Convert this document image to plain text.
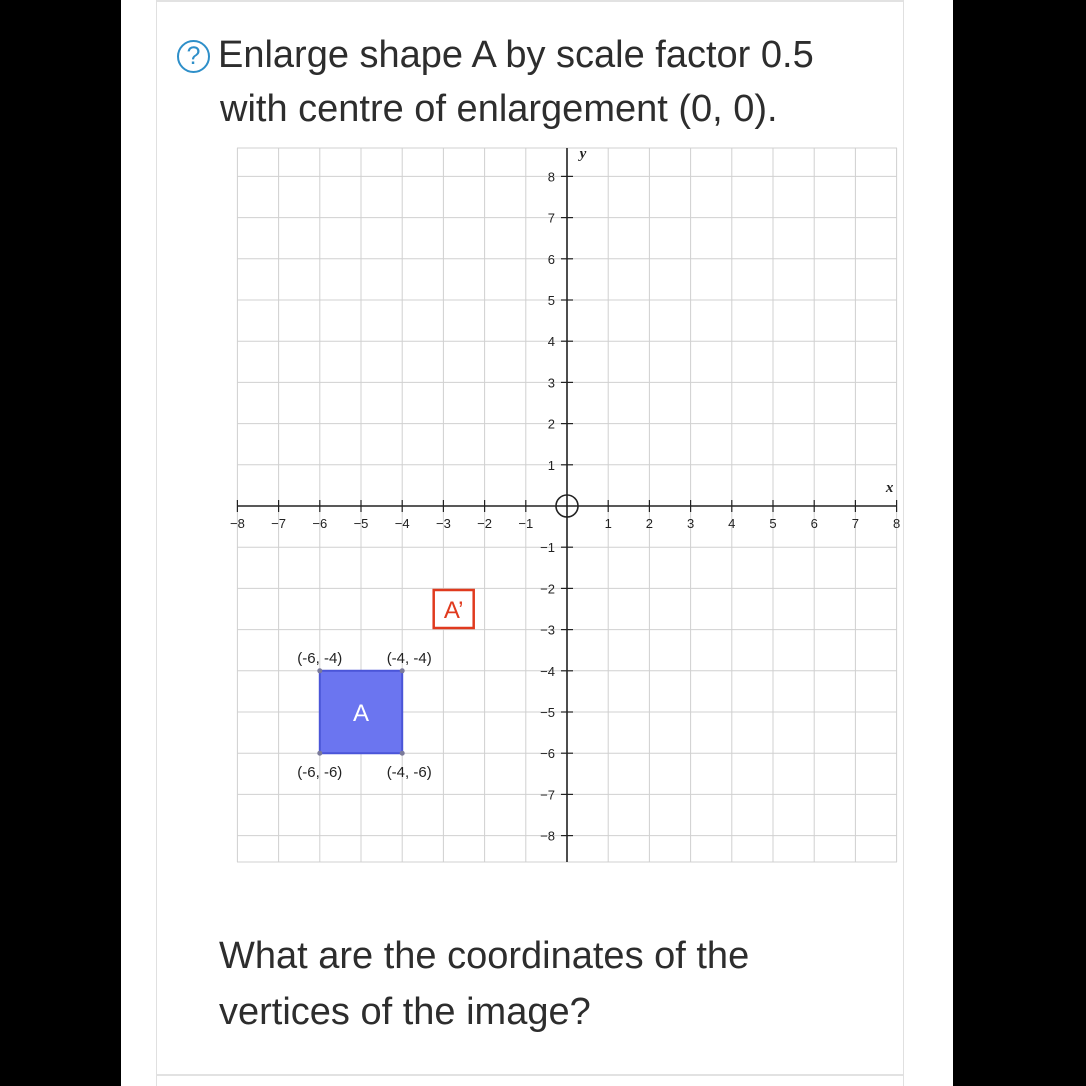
? Enlarge shape A by scale factor 0.5
with centre of enlargement (0, 0).
A
−8 −7 −6 −5 −4 −3 −2 −1	1	2	3	4	5	6	7	8
8
7
6
5
4
3
2
1
−1
−2
−3
−4
−5
−6
−7
−8
x
y
(-6, -4)	(-4, -4)
(-6, -6)	(-4, -6)
A’
What are the coordinates of the vertices of the image?
